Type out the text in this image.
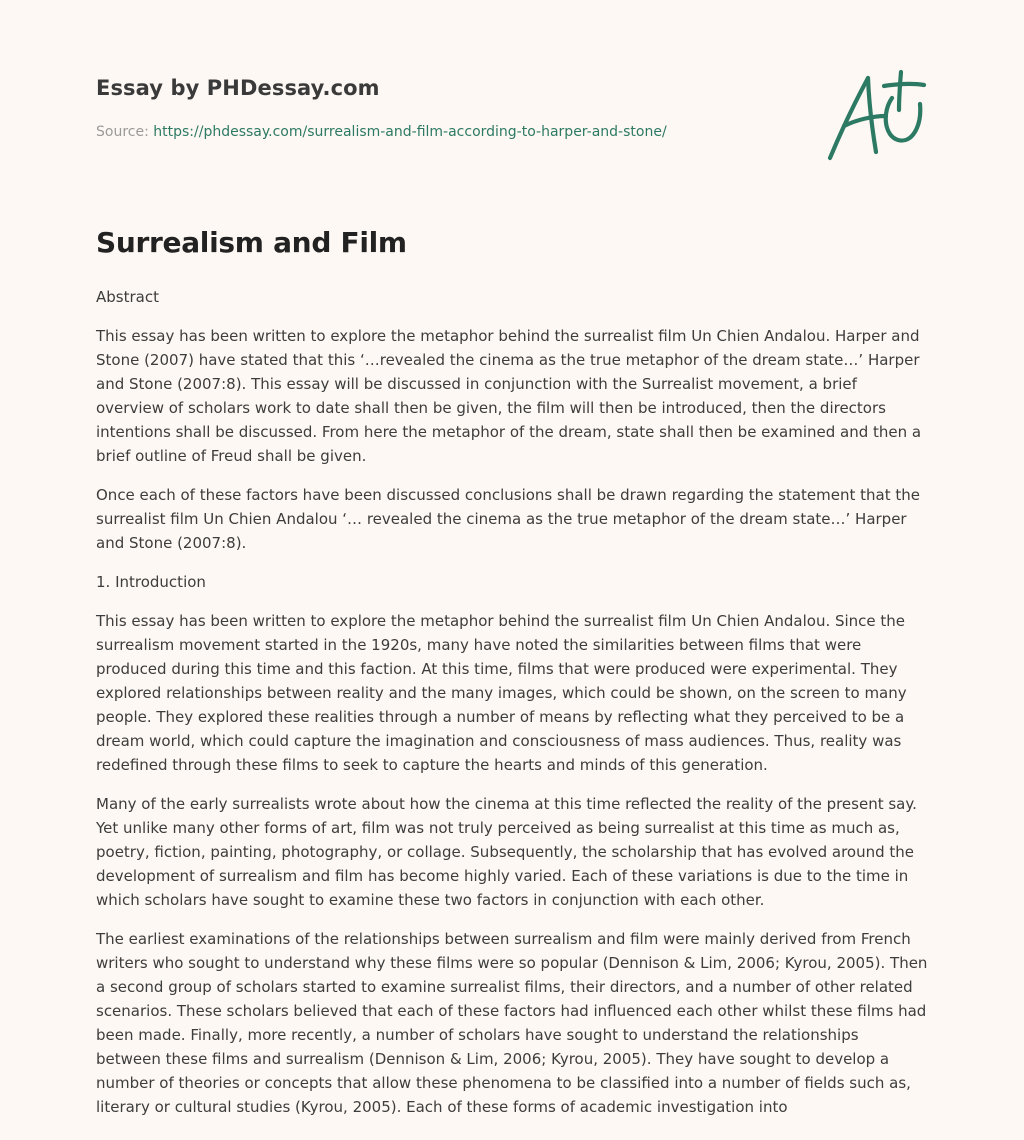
Essay by PHDessay.com
Source: https://phdessay.com/surrealism-and-film-according-to-harper-and-stone/
Surrealism and Film

Abstract

This essay has been written to explore the metaphor behind the surrealist film Un Chien Andalou. Harper and Stone (2007) have stated that this ‘…revealed the cinema as the true metaphor of the dream state…’ Harper and Stone (2007:8). This essay will be discussed in conjunction with the Surrealist movement, a brief overview of scholars work to date shall then be given, the film will then be introduced, then the directors intentions shall be discussed. From here the metaphor of the dream, state shall then be examined and then a brief outline of Freud shall be given.

Once each of these factors have been discussed conclusions shall be drawn regarding the statement that the surrealist film Un Chien Andalou ‘… revealed the cinema as the true metaphor of the dream state…’ Harper and Stone (2007:8).

1. Introduction

This essay has been written to explore the metaphor behind the surrealist film Un Chien Andalou. Since the surrealism movement started in the 1920s, many have noted the similarities between films that were produced during this time and this faction. At this time, films that were produced were experimental. They explored relationships between reality and the many images, which could be shown, on the screen to many people. They explored these realities through a number of means by reflecting what they perceived to be a dream world, which could capture the imagination and consciousness of mass audiences. Thus, reality was redefined through these films to seek to capture the hearts and minds of this generation.

Many of the early surrealists wrote about how the cinema at this time reflected the reality of the present say. Yet unlike many other forms of art, film was not truly perceived as being surrealist at this time as much as, poetry, fiction, painting, photography, or collage. Subsequently, the scholarship that has evolved around the development of surrealism and film has become highly varied. Each of these variations is due to the time in which scholars have sought to examine these two factors in conjunction with each other.

The earliest examinations of the relationships between surrealism and film were mainly derived from French writers who sought to understand why these films were so popular (Dennison & Lim, 2006; Kyrou, 2005). Then a second group of scholars started to examine surrealist films, their directors, and a number of other related scenarios. These scholars believed that each of these factors had influenced each other whilst these films had been made. Finally, more recently, a number of scholars have sought to understand the relationships between these films and surrealism (Dennison & Lim, 2006; Kyrou, 2005). They have sought to develop a number of theories or concepts that allow these phenomena to be classified into a number of fields such as, literary or cultural studies (Kyrou, 2005). Each of these forms of academic investigation into
